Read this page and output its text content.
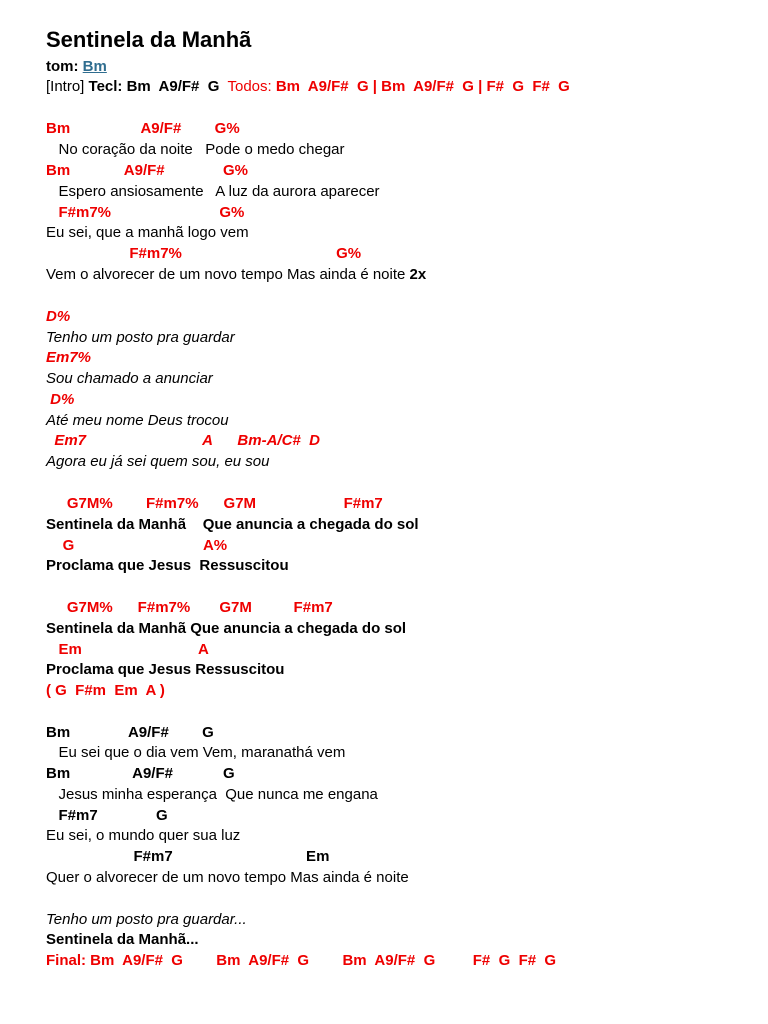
Sentinela da Manhã
tom: Bm
[Intro] Tecl: Bm  A9/F#  G  Todos: Bm  A9/F#  G | Bm  A9/F#  G | F#  G  F#  G
Bm                 A9/F#        G%
No coração da noite   Pode o medo chegar
Bm             A9/F#              G%
Espero ansiosamente   A luz da aurora aparecer
F#m7%                          G%
Eu sei, que a manhã logo vem
F#m7%                                     G%
Vem o alvorecer de um novo tempo Mas ainda é noite 2x
D%
Tenho um posto pra guardar
Em7%
Sou chamado a anunciar
D%
Até meu nome Deus trocou
Em7                            A      Bm-A/C#  D
Agora eu já sei quem sou, eu sou
G7M%        F#m7%      G7M                     F#m7
Sentinela da Manhã    Que anuncia a chegada do sol
G                               A%
Proclama que Jesus  Ressuscitou
G7M%      F#m7%       G7M          F#m7
Sentinela da Manhã Que anuncia a chegada do sol
Em                            A
Proclama que Jesus Ressuscitou
( G  F#m  Em  A )
Bm              A9/F#        G
Eu sei que o dia vem Vem, maranathá vem
Bm               A9/F#            G
Jesus minha esperança  Que nunca me engana
F#m7              G
Eu sei, o mundo quer sua luz
F#m7                                Em
Quer o alvorecer de um novo tempo Mas ainda é noite
Tenho um posto pra guardar...
Sentinela da Manhã...
Final: Bm  A9/F#  G        Bm  A9/F#  G        Bm  A9/F#  G         F#  G  F#  G
